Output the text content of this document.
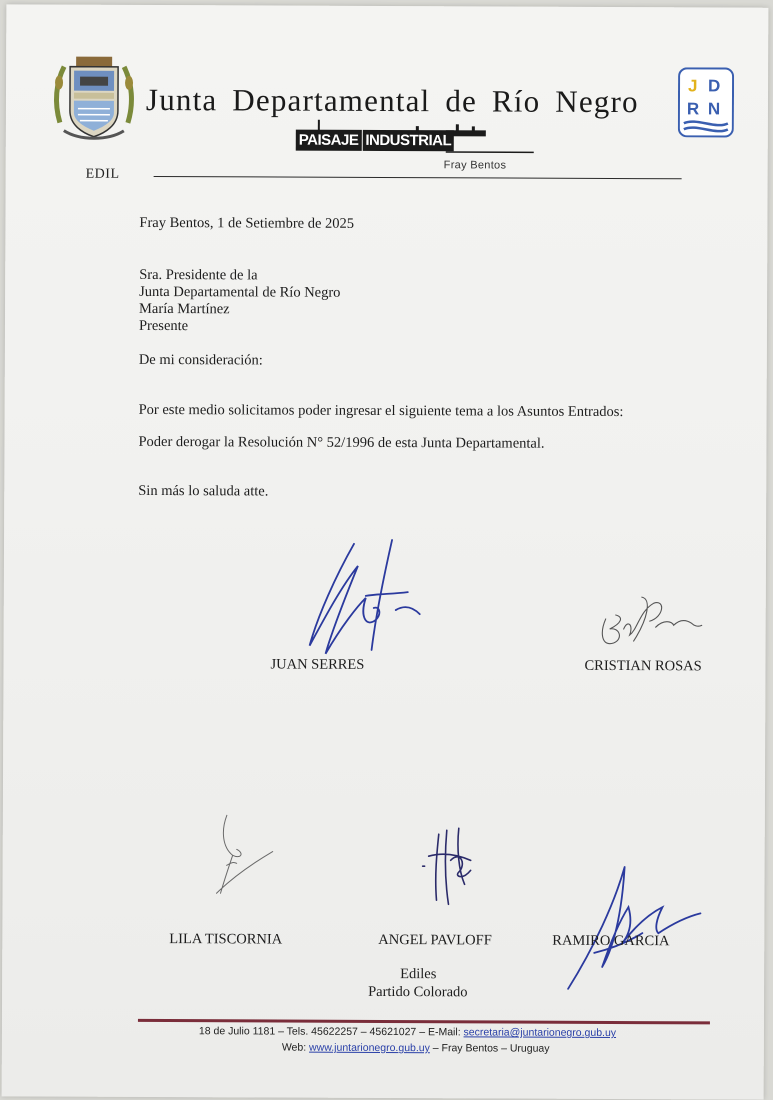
Junta Departamental de Río Negro	J D
R N
PAISAJE INDUSTRIAL
Fray Bentos
EDIL
Fray Bentos, 1 de Setiembre de 2025
Sra. Presidente de la
Junta Departamental de Río Negro
María Martínez
Presente
De mi consideración:
Por este medio solicitamos poder ingresar el siguiente tema a los Asuntos Entrados:
Poder derogar la Resolución N° 52/1996 de esta Junta Departamental.
Sin más lo saluda atte.
JUAN SERRES	CRISTIAN ROSAS
LILA TISCORNIA	ANGEL PAVLOFF	RAMIRO GARCIA
Ediles
Partido Colorado
18 de Julio 1181 – Tels. 45622257 – 45621027 – E-Mail: secretaria@juntarionegro.gub.uy
Web: www.juntarionegro.gub.uy – Fray Bentos – Uruguay
